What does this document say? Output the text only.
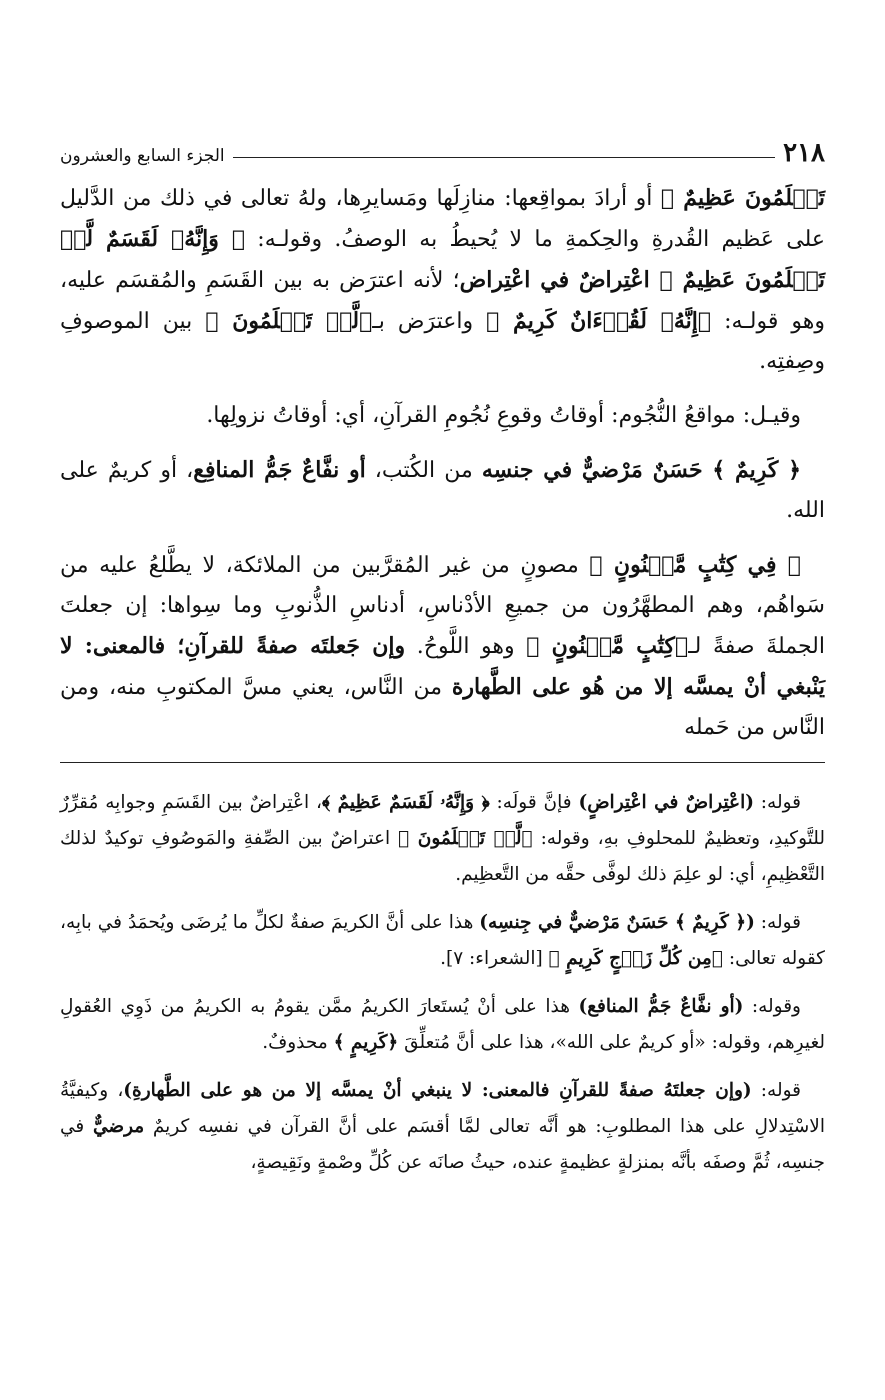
٢١٨
الجزء السابع والعشرون

تَعۡلَمُونَ عَظِيمٌ ﴾ أو أرادَ بمواقِعها: منازِلَها ومَسايرِها، ولهُ تعالى في ذلك من الدَّليل على عَظيم القُدرةِ والحِكمةِ ما لا يُحيطُ به الوصفُ. وقولـه: ﴿ وَإِنَّهُۥ لَقَسَمٌ لَّوۡ تَعۡلَمُونَ عَظِيمٌ ﴾ اعْتِراضٌ في اعْتِراض؛ لأنه اعترَض به بين القَسَمِ والمُقسَم عليه، وهو قولـه: ﴿إِنَّهُۥ لَقُرۡءَانٌ كَرِيمٌ ﴾ واعترَض بـ﴿لَّوۡ تَعۡلَمُونَ ﴾ بين الموصوفِ وصِفتِه.

وقيـل: مواقعُ النُّجُوم: أوقاتُ وقوعِ نُجُومِ القرآنِ، أي: أوقاتُ نزولِها.

﴿ كَرِيمٌ ﴾ حَسَنٌ مَرْضيٌّ في جنسِه من الكُتب، أو نفَّاعٌ جَمُّ المنافِع، أو كريمٌ على الله.

﴿ فِي كِتَٰبٍ مَّكۡنُونٍ ﴾ مصونٍ من غير المُقرَّبين من الملائكة، لا يطَّلعُ عليه من سَواهُم، وهم المطهَّرُون من جميعِ الأدْناسِ، أدناسِ الذُّنوبِ وما سِواها: إن جعلتَ الجملةَ صفةً لـ﴿كِتَٰبٍ مَّكۡنُونٍ ﴾ وهو اللَّوحُ. وإن جَعلتَه صفةً للقرآنِ؛ فالمعنى: لا يَنْبغي أنْ يمسَّه إلا من هُو على الطَّهارة من النَّاس، يعني مسَّ المكتوبِ منه، ومن النَّاس من حَمله

قوله: (اعْتِراضٌ في اعْتِراضٍ) فإنَّ قولَه: ﴿ وَإِنَّهُۥ لَقَسَمٌ عَظِيمٌ ﴾، اعْتِراضٌ بين القَسَمِ وجوابِه مُقرِّرٌ للتَّوكيدِ، وتعظيمٌ للمحلوفِ بهِ، وقوله: ﴿لَّوۡ تَعۡلَمُونَ ﴾ اعتراضٌ بين الصِّفةِ والمَوصُوفِ توكيدٌ لذلك التَّعْظِيمِ، أي: لو علِمَ ذلك لوفَّى حقَّه من التَّعظِيم.

قوله: (﴿ كَرِيمٌ ﴾ حَسَنٌ مَرْضيٌّ في جِنسِه) هذا على أنَّ الكريمَ صفةٌ لكلِّ ما يُرضَى ويُحمَدُ في بابِه، كقوله تعالى: ﴿مِن كُلِّ زَوۡجٍ كَرِيمٍ ﴾ [الشعراء: ٧].

وقوله: (أو نفَّاعٌ جَمُّ المنافع) هذا على أنْ يُستَعارَ الكريمُ ممَّن يقومُ به الكريمُ من ذَوِي العُقولِ لغيرِهم، وقوله: «أو كريمٌ على الله»، هذا على أنَّ مُتعلِّقَ ﴿كَرِيمٍ ﴾ محذوفٌ.

قوله: (وإن جعلتَهُ صفةً للقرآنِ فالمعنى: لا ينبغي أنْ يمسَّه إلا من هو على الطَّهارةِ)، وكيفيَّةُ الاسْتِدلالِ على هذا المطلوبِ: هو أنَّه تعالى لمَّا أقسَم على أنَّ القرآن في نفسِه كريمٌ مرضيٌّ في جنسِه، ثُمَّ وصفَه بأنَّه بمنزلةٍ عظيمةٍ عنده، حيثُ صانَه عن كُلِّ وصْمةٍ ونَقِيصةٍ،
